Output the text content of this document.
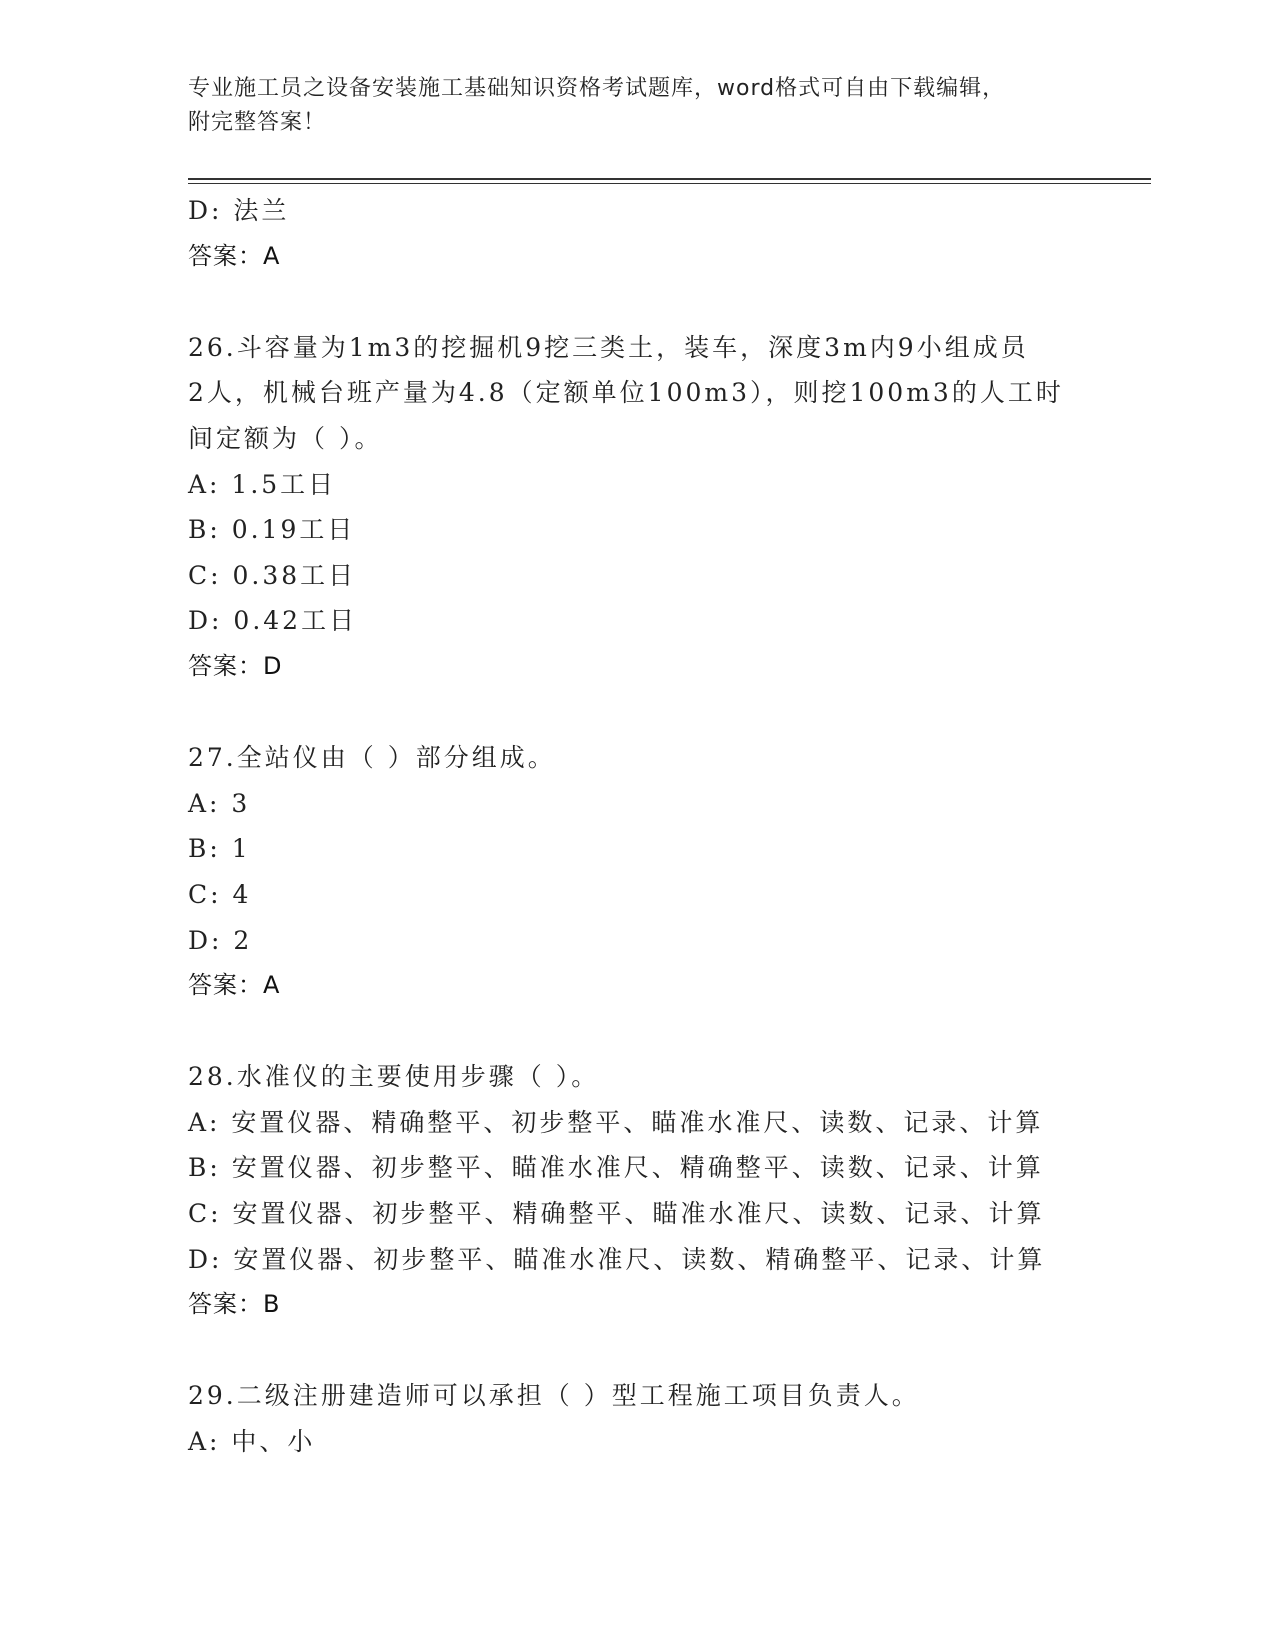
专业施工员之设备安装施工基础知识资格考试题库，word格式可自由下载编辑，
附完整答案！
D: 法兰
答案：A
26.斗容量为1m3的挖掘机9挖三类土，装车，深度3m内9小组成员
2人，机械台班产量为4.8（定额单位100m3），则挖100m3的人工时
间定额为（ ）。
A: 1.5工日
B: 0.19工日
C: 0.38工日
D: 0.42工日
答案：D
27.全站仪由（ ）部分组成。
A: 3
B: 1
C: 4
D: 2
答案：A
28.水准仪的主要使用步骤（ ）。
A: 安置仪器、精确整平、初步整平、瞄准水准尺、读数、记录、计算
B: 安置仪器、初步整平、瞄准水准尺、精确整平、读数、记录、计算
C: 安置仪器、初步整平、精确整平、瞄准水准尺、读数、记录、计算
D: 安置仪器、初步整平、瞄准水准尺、读数、精确整平、记录、计算
答案：B
29.二级注册建造师可以承担（ ）型工程施工项目负责人。
A: 中、小
